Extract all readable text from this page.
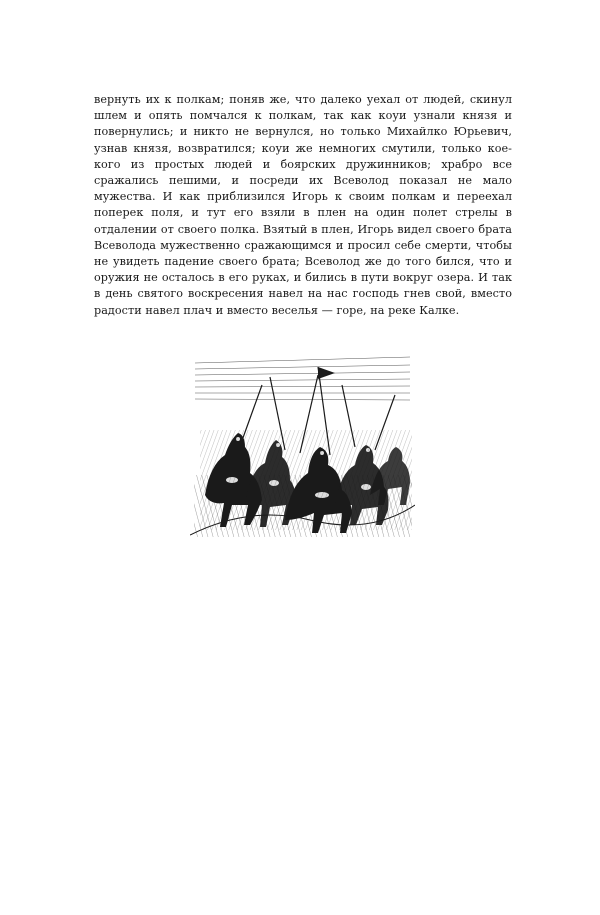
вернуть их к полкам; поняв же, что далеко уехал от людей, скинул шлем и опять помчался к полкам, так как коуи узнали князя и повернулись; и никто не вернулся, но только Михайлко Юрьевич, узнав князя, возвратился; коуи же немногих смутили, только кое-кого из простых людей и боярских дружинников; храбро все сражались пешими, и посреди их Всеволод показал не мало мужества. И как приблизился Игорь к своим полкам и переехал поперек поля, и тут его взяли в плен на один полет стрелы в отдалении от своего полка. Взятый в плен, Игорь видел своего брата Всеволода мужественно сражающимся и просил себе смерти, чтобы не увидеть падение своего брата; Всеволод же до того бился, что и оружия не осталось в его руках, и бились в пути вокруг озера. И так в день святого воскресения навел на нас господь гнев свой, вместо радости навел плач и вместо веселья — горе, на реке Калке.
